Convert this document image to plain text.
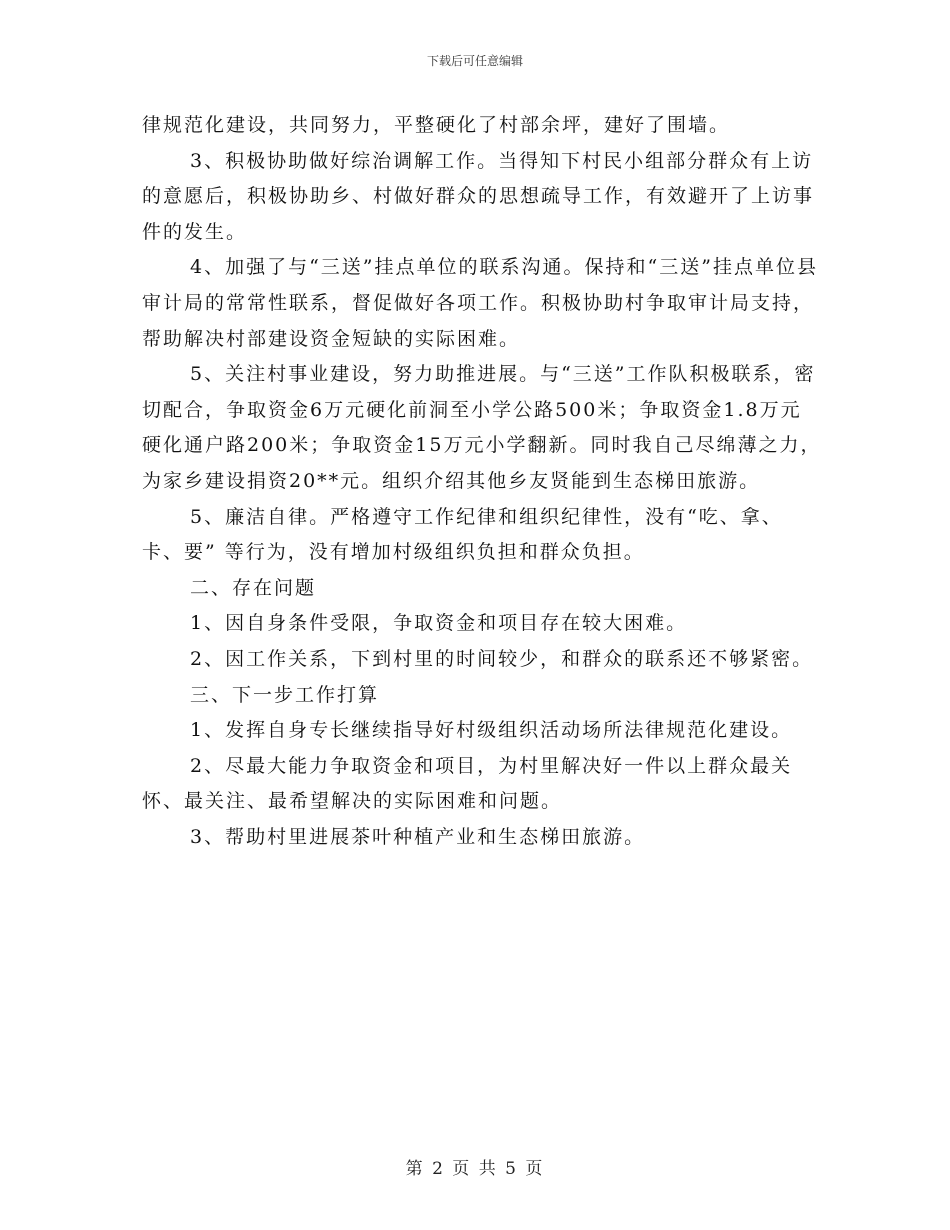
下载后可任意编辑

律规范化建设，共同努力，平整硬化了村部余坪，建好了围墙。

3、积极协助做好综治调解工作。当得知下村民小组部分群众有上访的意愿后，积极协助乡、村做好群众的思想疏导工作，有效避开了上访事件的发生。

4、加强了与“三送”挂点单位的联系沟通。保持和“三送”挂点单位县审计局的常常性联系，督促做好各项工作。积极协助村争取审计局支持，帮助解决村部建设资金短缺的实际困难。

5、关注村事业建设，努力助推进展。与“三送”工作队积极联系，密切配合，争取资金6万元硬化前洞至小学公路500米；争取资金1.8万元硬化通户路200米；争取资金15万元小学翻新。同时我自己尽绵薄之力，为家乡建设捐资20**元。组织介绍其他乡友贤能到生态梯田旅游。

5、廉洁自律。严格遵守工作纪律和组织纪律性，没有“吃、拿、卡、要” 等行为，没有增加村级组织负担和群众负担。

二、存在问题

1、因自身条件受限，争取资金和项目存在较大困难。

2、因工作关系，下到村里的时间较少，和群众的联系还不够紧密。

三、下一步工作打算

1、发挥自身专长继续指导好村级组织活动场所法律规范化建设。

2、尽最大能力争取资金和项目，为村里解决好一件以上群众最关怀、最关注、最希望解决的实际困难和问题。

3、帮助村里进展茶叶种植产业和生态梯田旅游。

第 2 页 共 5 页
